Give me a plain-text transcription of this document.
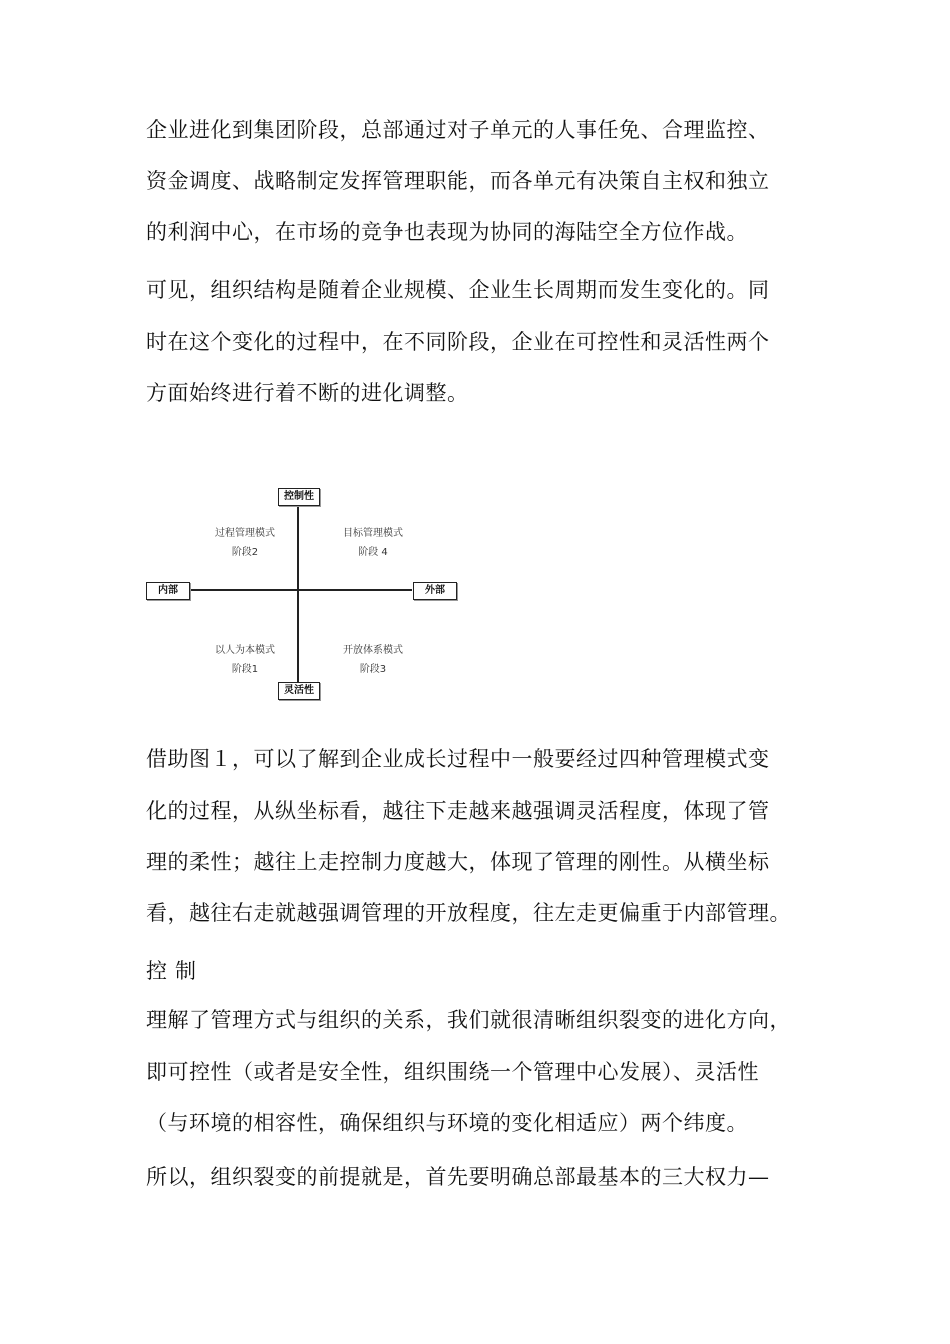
企业进化到集团阶段，总部通过对子单元的人事任免、合理监控、
资金调度、战略制定发挥管理职能，而各单元有决策自主权和独立
的利润中心，在市场的竞争也表现为协同的海陆空全方位作战。
可见，组织结构是随着企业规模、企业生长周期而发生变化的。同
时在这个变化的过程中，在不同阶段，企业在可控性和灵活性两个
方面始终进行着不断的进化调整。
控制性
灵活性
内部	外部
过程管理模式
阶段2
目标管理模式
阶段 4
以人为本模式
阶段1
开放体系模式
阶段3
借助图１，可以了解到企业成长过程中一般要经过四种管理模式变
化的过程，从纵坐标看，越往下走越来越强调灵活程度，体现了管
理的柔性；越往上走控制力度越大，体现了管理的刚性。从横坐标
看，越往右走就越强调管理的开放程度，往左走更偏重于内部管理。
控制
理解了管理方式与组织的关系，我们就很清晰组织裂变的进化方向，
即可控性（或者是安全性，组织围绕一个管理中心发展）、灵活性
（与环境的相容性，确保组织与环境的变化相适应）两个纬度。
所以，组织裂变的前提就是，首先要明确总部最基本的三大权力—
